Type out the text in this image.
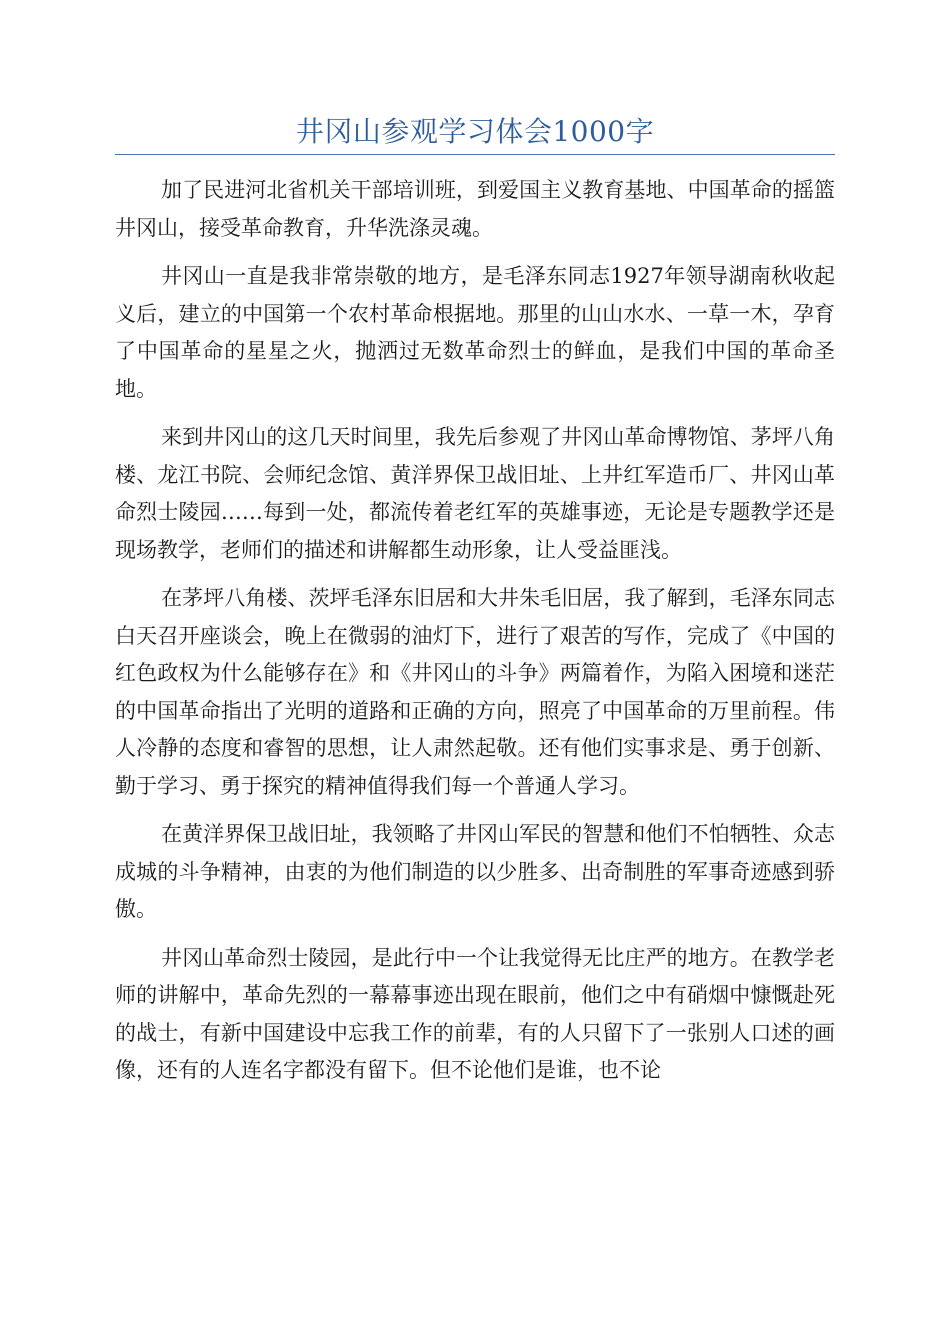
井冈山参观学习体会1000字

加了民进河北省机关干部培训班，到爱国主义教育基地、中国革命的摇篮井冈山，接受革命教育，升华洗涤灵魂。

井冈山一直是我非常崇敬的地方，是毛泽东同志1927年领导湖南秋收起义后，建立的中国第一个农村革命根据地。那里的山山水水、一草一木，孕育了中国革命的星星之火，抛洒过无数革命烈士的鲜血，是我们中国的革命圣地。

来到井冈山的这几天时间里，我先后参观了井冈山革命博物馆、茅坪八角楼、龙江书院、会师纪念馆、黄洋界保卫战旧址、上井红军造币厂、井冈山革命烈士陵园……每到一处，都流传着老红军的英雄事迹，无论是专题教学还是现场教学，老师们的描述和讲解都生动形象，让人受益匪浅。

在茅坪八角楼、茨坪毛泽东旧居和大井朱毛旧居，我了解到，毛泽东同志白天召开座谈会，晚上在微弱的油灯下，进行了艰苦的写作，完成了《中国的红色政权为什么能够存在》和《井冈山的斗争》两篇着作，为陷入困境和迷茫的中国革命指出了光明的道路和正确的方向，照亮了中国革命的万里前程。伟人冷静的态度和睿智的思想，让人肃然起敬。还有他们实事求是、勇于创新、勤于学习、勇于探究的精神值得我们每一个普通人学习。

在黄洋界保卫战旧址，我领略了井冈山军民的智慧和他们不怕牺牲、众志成城的斗争精神，由衷的为他们制造的以少胜多、出奇制胜的军事奇迹感到骄傲。

井冈山革命烈士陵园，是此行中一个让我觉得无比庄严的地方。在教学老师的讲解中，革命先烈的一幕幕事迹出现在眼前，他们之中有硝烟中慷慨赴死的战士，有新中国建设中忘我工作的前辈，有的人只留下了一张别人口述的画像，还有的人连名字都没有留下。但不论他们是谁，也不论
